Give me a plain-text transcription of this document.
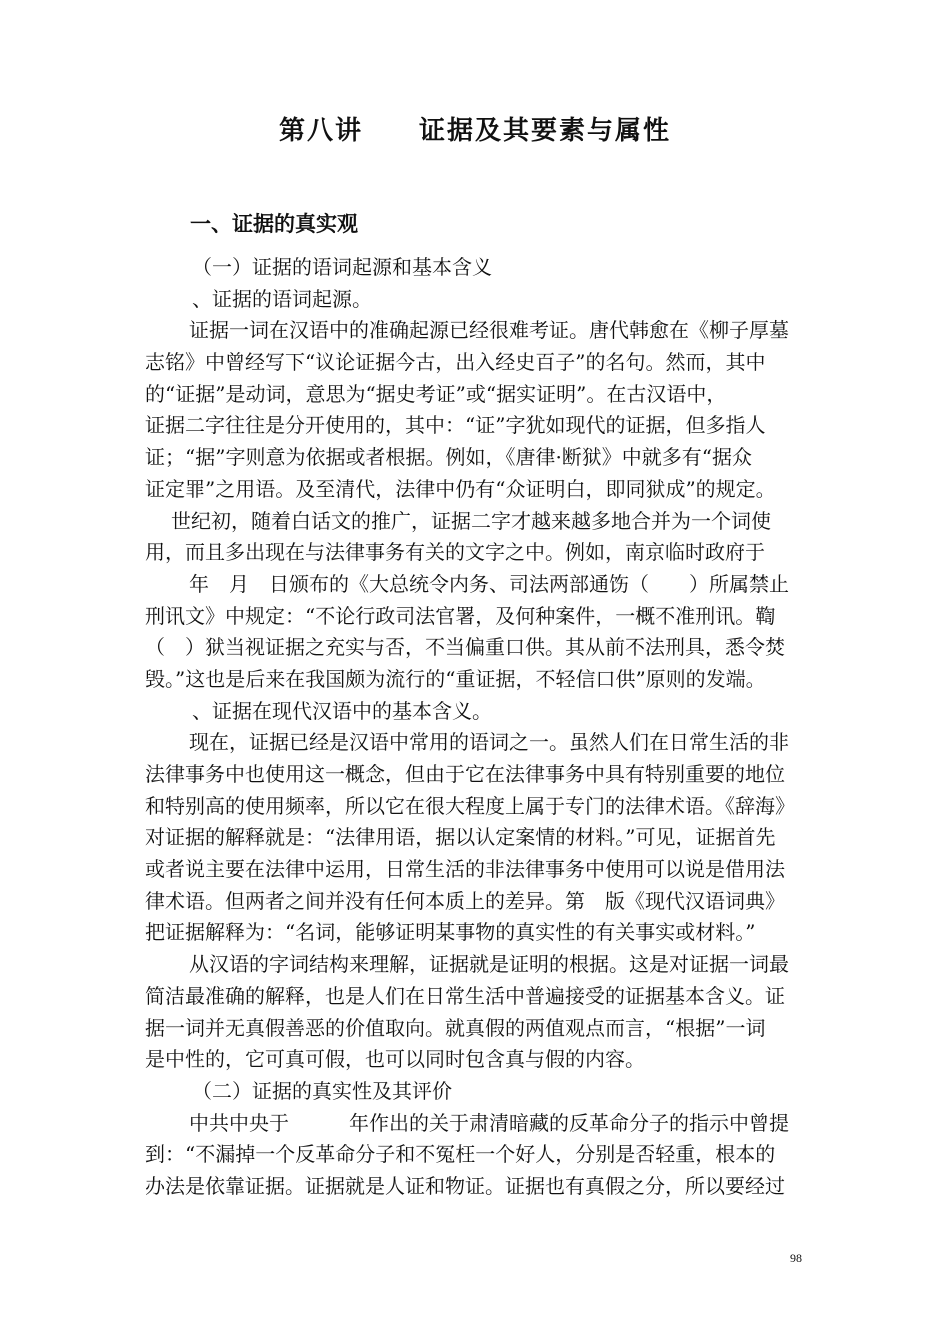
第八讲　　证据及其要素与属性
一、证据的真实观
（一）证据的语词起源和基本含义
、证据的语词起源。
证据一词在汉语中的准确起源已经很难考证。唐代韩愈在《柳子厚墓
志铭》中曾经写下“议论证据今古，出入经史百子”的名句。然而，其中
的“证据”是动词，意思为“据史考证”或“据实证明”。在古汉语中，
证据二字往往是分开使用的，其中：“证”字犹如现代的证据，但多指人
证；“据”字则意为依据或者根据。例如，《唐律·断狱》中就多有“据众
证定罪”之用语。及至清代，法律中仍有“众证明白，即同狱成”的规定。
世纪初，随着白话文的推广，证据二字才越来越多地合并为一个词使
用，而且多出现在与法律事务有关的文字之中。例如，南京临时政府于
年　月　日颁布的《大总统令内务、司法两部通饬（　　）所属禁止
刑讯文》中规定：“不论行政司法官署，及何种案件，一概不准刑讯。鞫
（　）狱当视证据之充实与否，不当偏重口供。其从前不法刑具，悉令焚
毁。”这也是后来在我国颇为流行的“重证据，不轻信口供”原则的发端。
、证据在现代汉语中的基本含义。
现在，证据已经是汉语中常用的语词之一。虽然人们在日常生活的非
法律事务中也使用这一概念，但由于它在法律事务中具有特别重要的地位
和特别高的使用频率，所以它在很大程度上属于专门的法律术语。《辞海》
对证据的解释就是：“法律用语，据以认定案情的材料。”可见，证据首先
或者说主要在法律中运用，日常生活的非法律事务中使用可以说是借用法
律术语。但两者之间并没有任何本质上的差异。第　版《现代汉语词典》
把证据解释为：“名词，能够证明某事物的真实性的有关事实或材料。”
从汉语的字词结构来理解，证据就是证明的根据。这是对证据一词最
简洁最准确的解释，也是人们在日常生活中普遍接受的证据基本含义。证
据一词并无真假善恶的价值取向。就真假的两值观点而言，“根据”一词
是中性的，它可真可假，也可以同时包含真与假的内容。
（二）证据的真实性及其评价
中共中央于　　　年作出的关于肃清暗藏的反革命分子的指示中曾提
到：“不漏掉一个反革命分子和不冤枉一个好人，分别是否轻重，根本的
办法是依靠证据。证据就是人证和物证。证据也有真假之分，所以要经过
98
